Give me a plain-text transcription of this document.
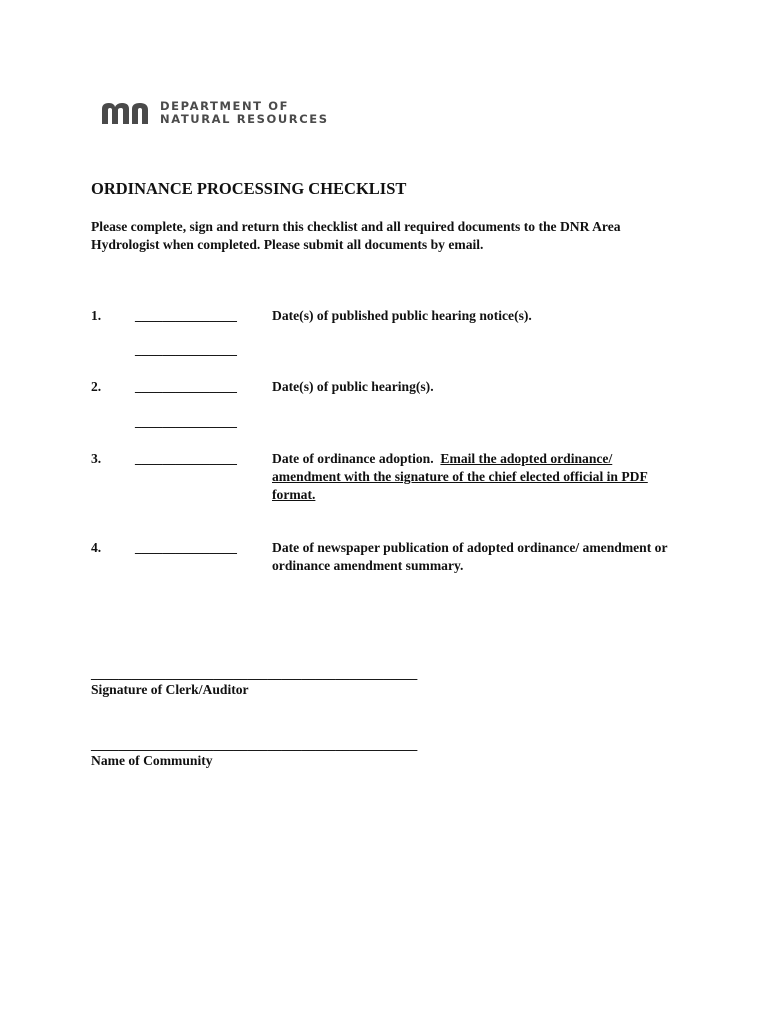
DEPARTMENT OF
NATURAL RESOURCES
ORDINANCE PROCESSING CHECKLIST
Please complete, sign and return this checklist and all required documents to the DNR Area Hydrologist when completed. Please submit all documents by email.
1. _______________	Date(s) of published public hearing notice(s).
_______________
2. _______________	Date(s) of public hearing(s).
_______________
3. _______________	Date of ordinance adoption. Email the adopted ordinance/ amendment with the signature of the chief elected official in PDF format.
4. _______________	Date of newspaper publication of adopted ordinance/ amendment or ordinance amendment summary.
________________________________________________
Signature of Clerk/Auditor
________________________________________________
Name of Community
